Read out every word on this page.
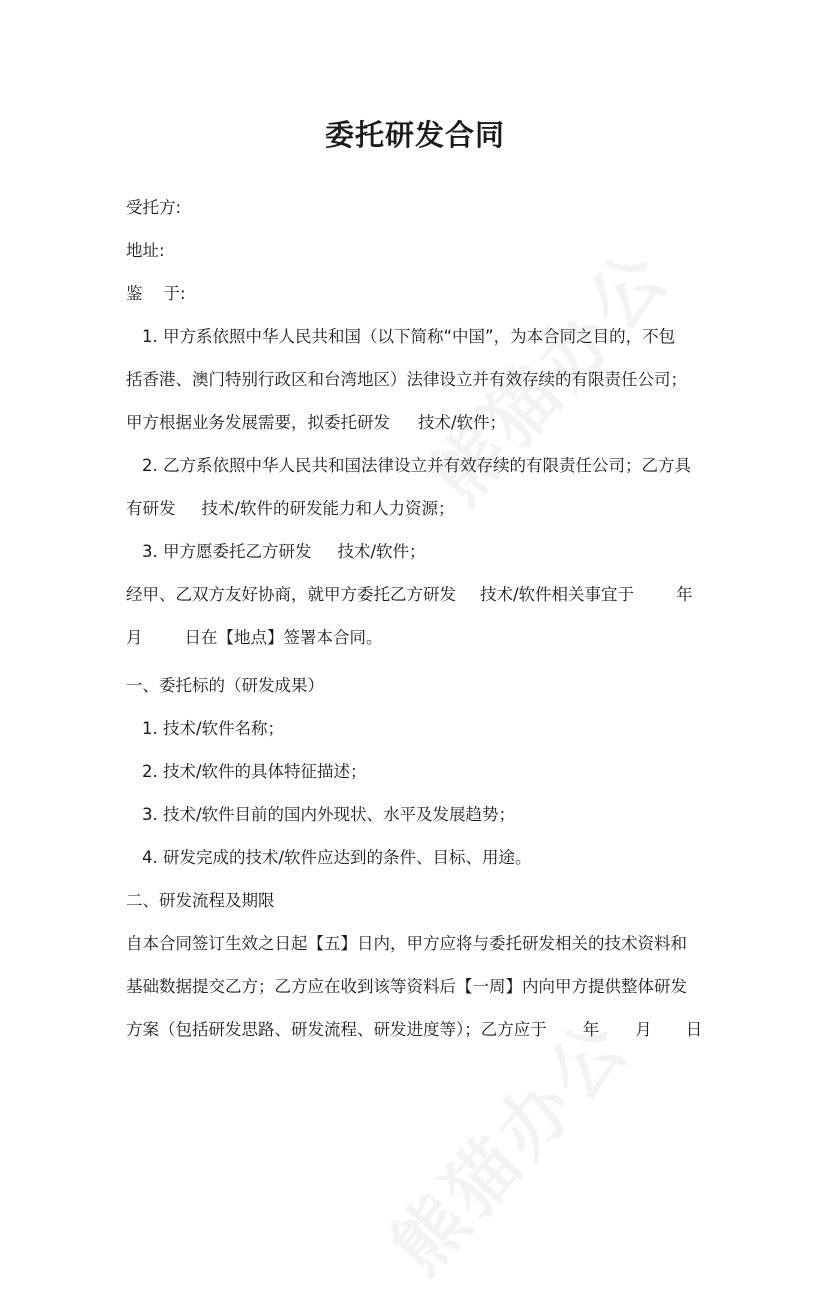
委托研发合同
受托方:
地址:
鉴    于:
1. 甲方系依照中华人民共和国（以下简称“中国”，为本合同之目的，不包
括香港、澳门特别行政区和台湾地区）法律设立并有效存续的有限责任公司；
甲方根据业务发展需要，拟委托研发 技术/软件；
2. 乙方系依照中华人民共和国法律设立并有效存续的有限责任公司；乙方具
有研发 技术/软件的研发能力和人力资源；
3. 甲方愿委托乙方研发 技术/软件；
经甲、乙双方友好协商，就甲方委托乙方研发 技术/软件相关事宜于	年
月	日在【地点】签署本合同。
一、委托标的（研发成果）
1. 技术/软件名称；
2. 技术/软件的具体特征描述；
3. 技术/软件目前的国内外现状、水平及发展趋势；
4. 研发完成的技术/软件应达到的条件、目标、用途。
二、研发流程及期限
自本合同签订生效之日起【五】日内，甲方应将与委托研发相关的技术资料和
基础数据提交乙方；乙方应在收到该等资料后【一周】内向甲方提供整体研发
方案（包括研发思路、研发流程、研发进度等）；乙方应于 年 月 日
